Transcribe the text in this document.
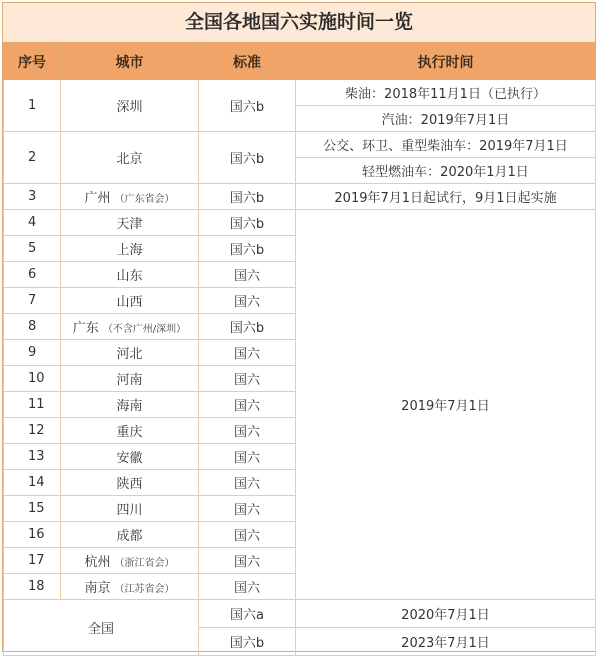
全国各地国六实施时间一览
序号	城市	标准	执行时间
1	深圳	国六b	柴油：2018年11月1日（已执行）
			汽油：2019年7月1日
2	北京	国六b	公交、环卫、重型柴油车：2019年7月1日
			轻型燃油车：2020年1月1日
3	广州 （广东省会）	国六b	2019年7月1日起试行，9月1日起实施
4	天津	国六b	2019年7月1日
5	上海	国六b	
6	山东	国六	
7	山西	国六	
8	广东 （不含广州/深圳）	国六b	
9	河北	国六	
10	河南	国六	
11	海南	国六	
12	重庆	国六	
13	安徽	国六	
14	陕西	国六	
15	四川	国六	
16	成都	国六	
17	杭州 （浙江省会）	国六	
18	南京 （江苏省会）	国六	
全国		国六a	2020年7月1日
		国六b	2023年7月1日
